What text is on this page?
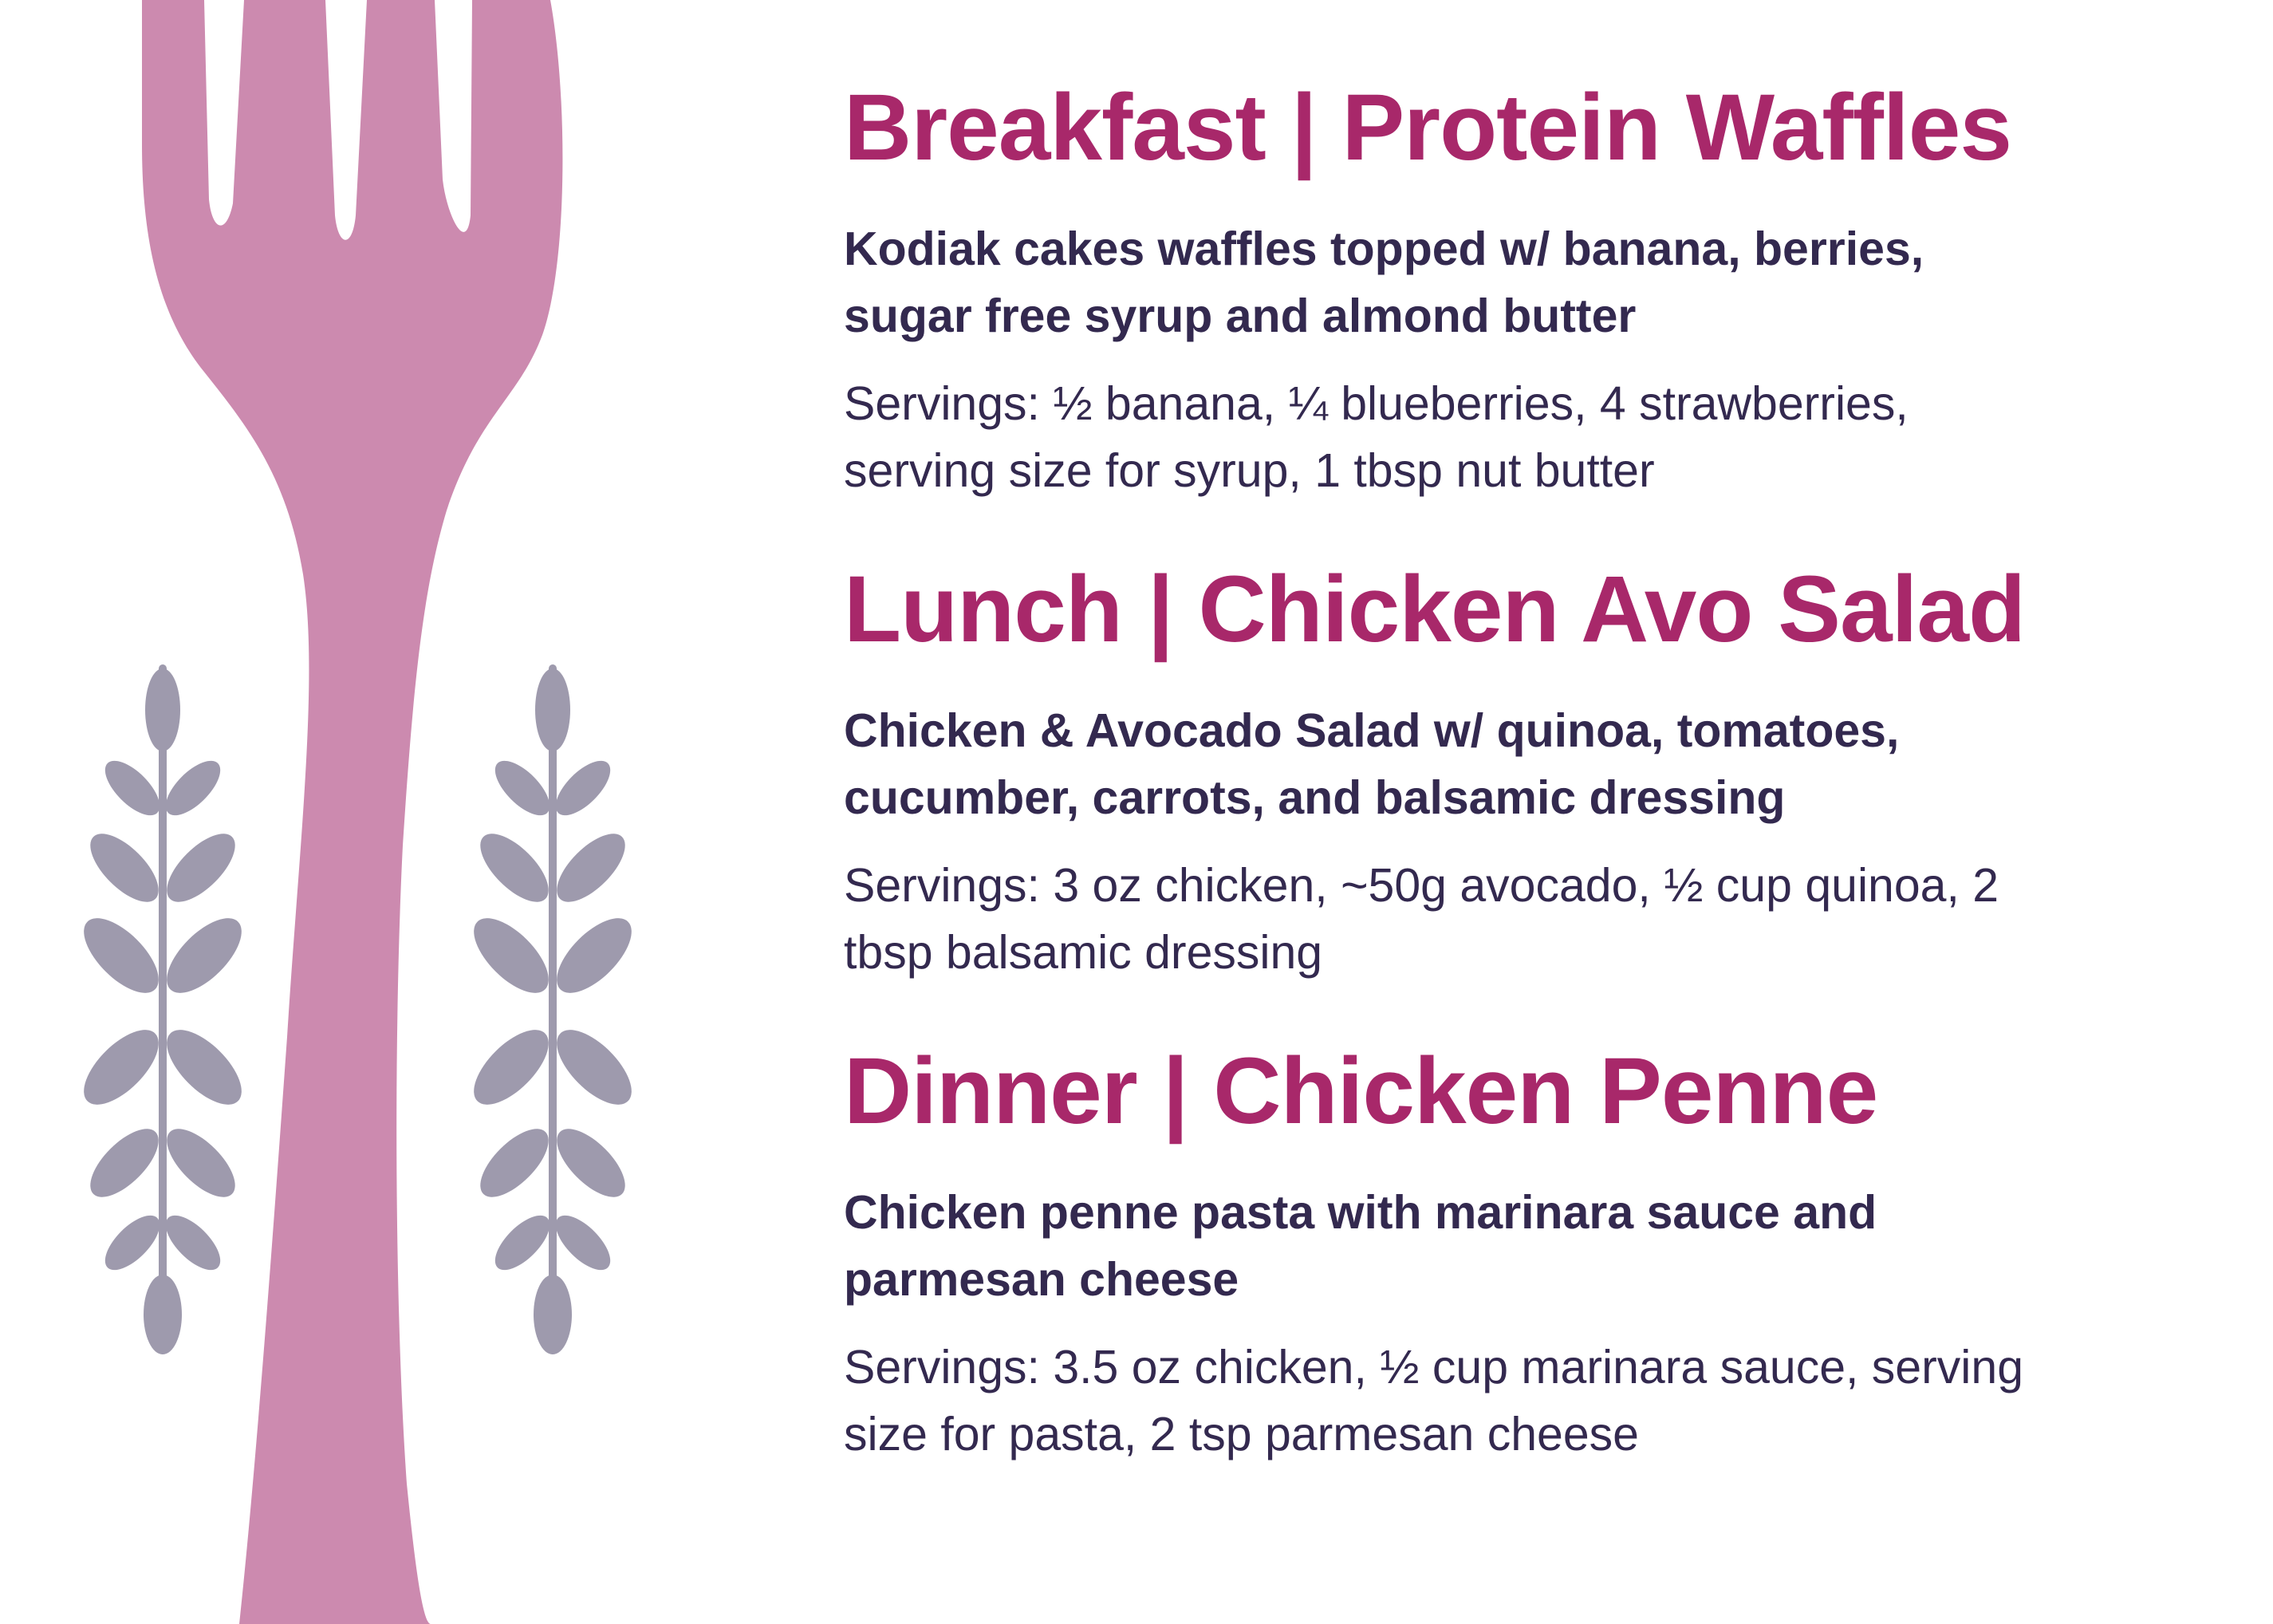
Breakfast | Protein Waffles

Kodiak cakes waffles topped w/ banana, berries, sugar free syrup and almond butter

Servings: ½ banana, ¼ blueberries, 4 strawberries, serving size for syrup, 1 tbsp nut butter

Lunch | Chicken Avo Salad

Chicken & Avocado Salad w/ quinoa, tomatoes, cucumber, carrots, and balsamic dressing

Servings: 3 oz chicken, ~50g avocado, ½ cup quinoa, 2 tbsp balsamic dressing

Dinner | Chicken Penne

Chicken penne pasta with marinara sauce and parmesan cheese

Servings: 3.5 oz chicken, ½ cup marinara sauce, serving size for pasta, 2 tsp parmesan cheese
